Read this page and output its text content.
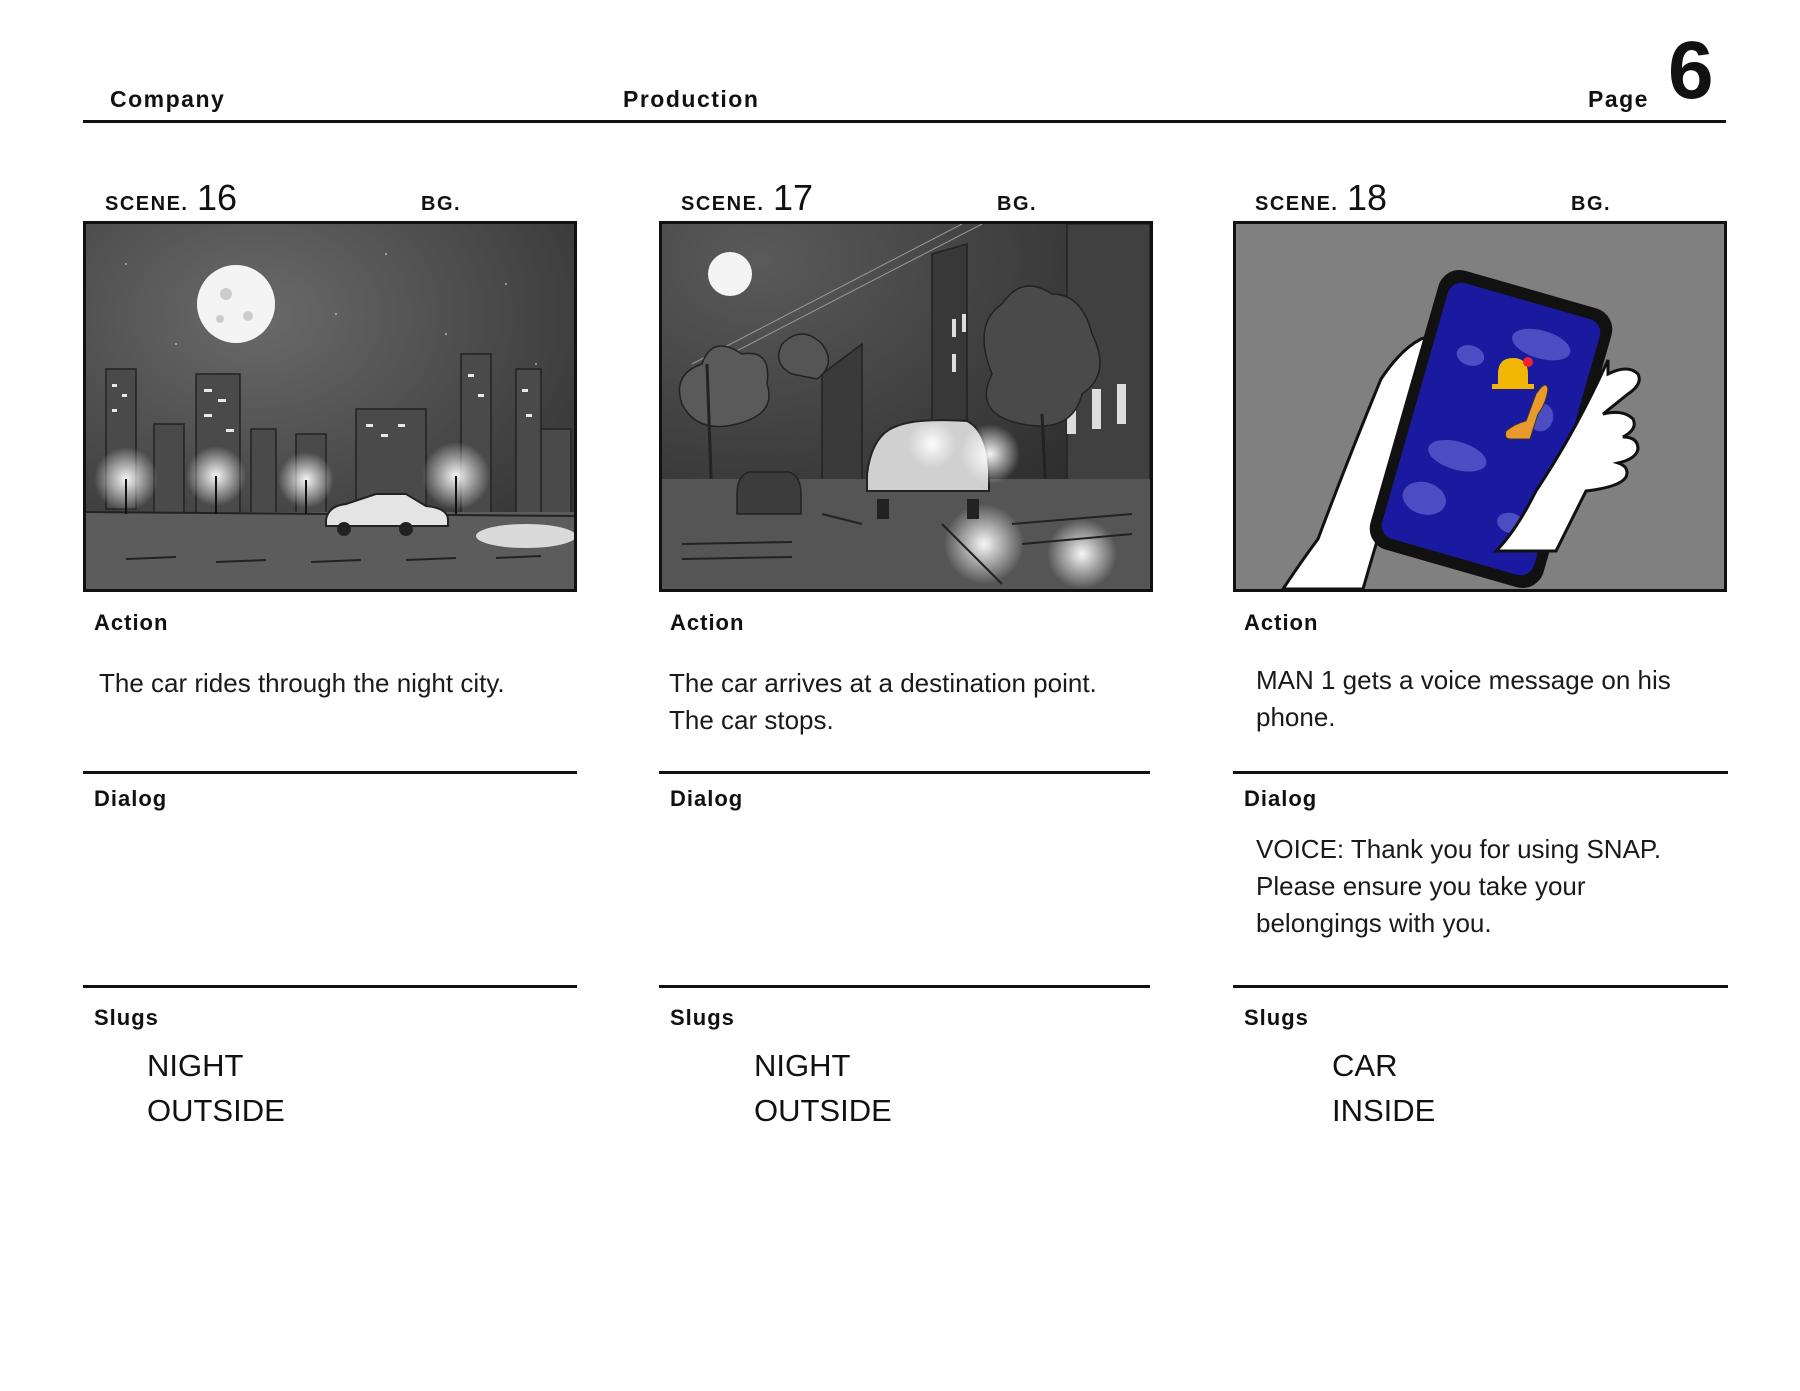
Company	Production	Page 6
SCENE. 16	BG.
Action
The car rides through the night city.
Dialog
Slugs
NIGHT
OUTSIDE
SCENE. 17	BG.
Action
The car arrives at a destination point. The car stops.
Dialog
Slugs
NIGHT
OUTSIDE
SCENE. 18	BG.
Action
MAN 1 gets a voice message on his phone.
Dialog
VOICE: Thank you for using SNAP. Please ensure you take your belongings with you.
Slugs
CAR
INSIDE
